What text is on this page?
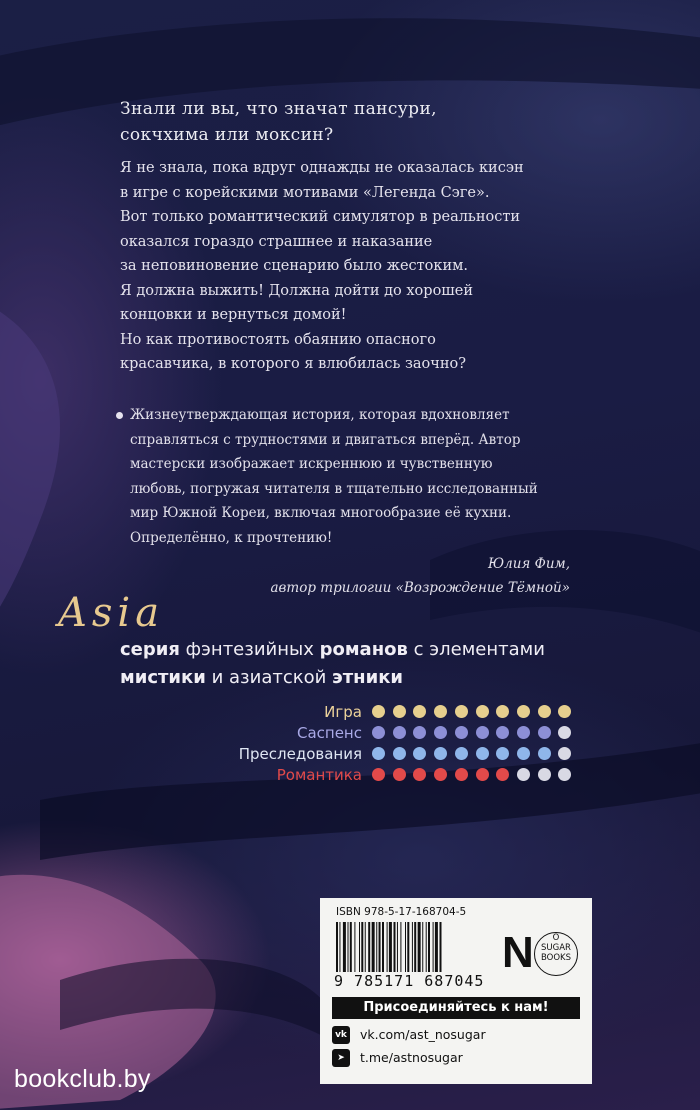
Знали ли вы, что значат пансури,
сокчхима или моксин?

Я не знала, пока вдруг однажды не оказалась кисэн

в игре с корейскими мотивами «Легенда Сэге».

Вот только романтический симулятор в реальности

оказался гораздо страшнее и наказание

за неповиновение сценарию было жестоким.

Я должна выжить! Должна дойти до хорошей

концовки и вернуться домой!

Но как противостоять обаянию опасного

красавчика, в которого я влюбилась заочно?

Жизнеутверждающая история, которая вдохновляет
справляться с трудностями и двигаться вперёд. Автор
мастерски изображает искреннюю и чувственную
любовь, погружая читателя в тщательно исследованный
мир Южной Кореи, включая многообразие её кухни.
Определённо, к прочтению!
Юлия Фим,
автор трилогии «Возрождение Тёмной»
Asia
серия фэнтезийных романов с элементами
мистики и азиатской этники
Игра
Саспенс
Преследования
Романтика
ISBN 978-5-17-168704-5
9 785171 687045
N	O
SUGAR
BOOKS
Присоединяйтесь к нам!
vk vk.com/ast_nosugar
➤	t.me/astnosugar
bookclub.by
